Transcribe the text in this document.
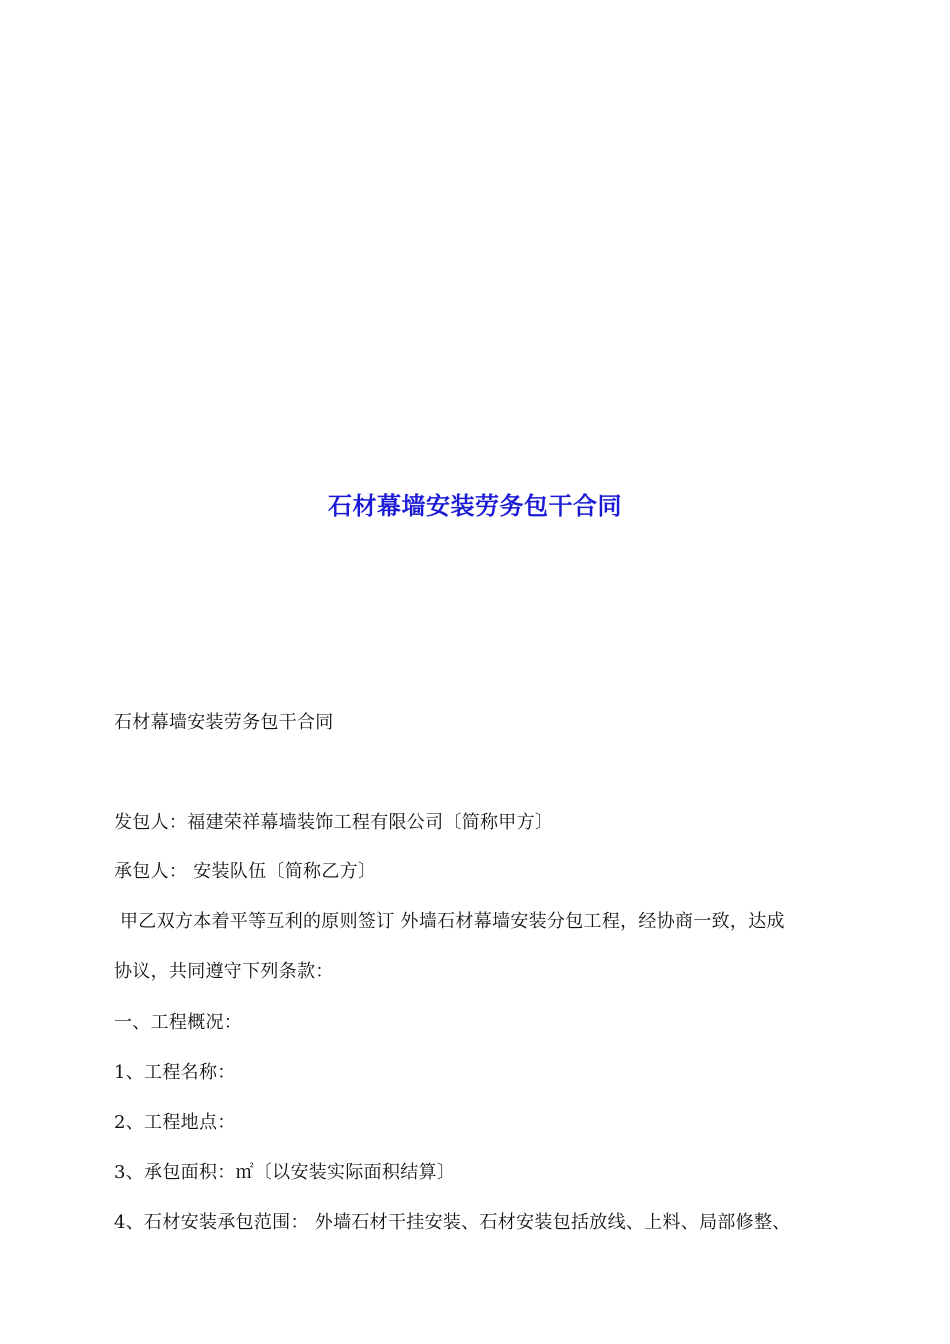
石材幕墙安装劳务包干合同
石材幕墙安装劳务包干合同
发包人：福建荣祥幕墙装饰工程有限公司〔简称甲方〕
承包人： 安装队伍〔简称乙方〕
甲乙双方本着平等互利的原则签订 外墙石材幕墙安装分包工程，经协商一致，达成
协议，共同遵守下列条款：
一、工程概况：
1、工程名称：
2、工程地点：
3、承包面积：㎡〔以安装实际面积结算〕
4、石材安装承包范围： 外墙石材干挂安装、石材安装包括放线、上料、局部修整、
